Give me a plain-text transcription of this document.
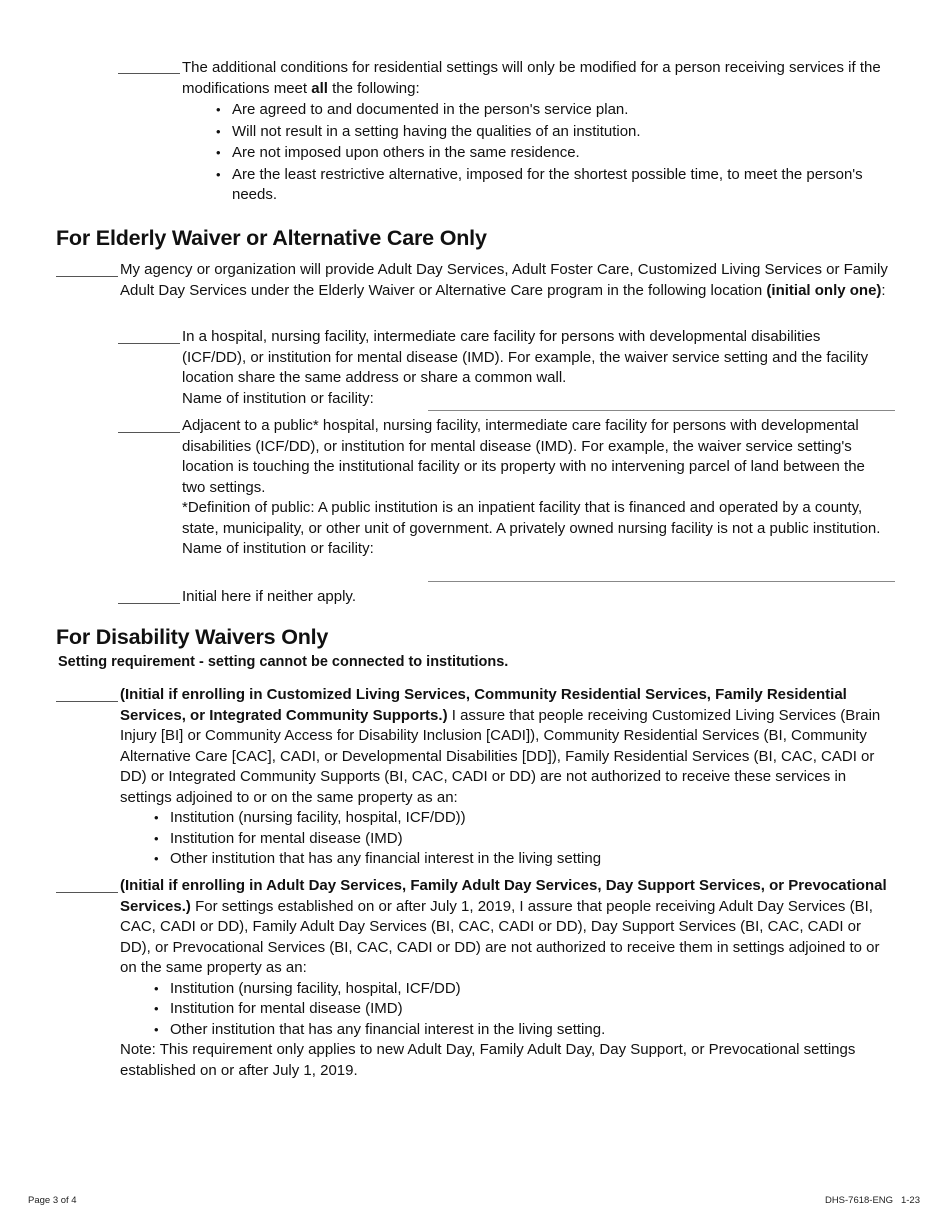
The additional conditions for residential settings will only be modified for a person receiving services if the modifications meet all the following:
• Are agreed to and documented in the person's service plan.
• Will not result in a setting having the qualities of an institution.
• Are not imposed upon others in the same residence.
• Are the least restrictive alternative, imposed for the shortest possible time, to meet the person's needs.
For Elderly Waiver or Alternative Care Only
My agency or organization will provide Adult Day Services, Adult Foster Care, Customized Living Services or Family Adult Day Services under the Elderly Waiver or Alternative Care program in the following location (initial only one):
In a hospital, nursing facility, intermediate care facility for persons with developmental disabilities (ICF/DD), or institution for mental disease (IMD). For example, the waiver service setting and the facility location share the same address or share a common wall.
Name of institution or facility:
Adjacent to a public* hospital, nursing facility, intermediate care facility for persons with developmental disabilities (ICF/DD), or institution for mental disease (IMD). For example, the waiver service setting's location is touching the institutional facility or its property with no intervening parcel of land between the two settings.
*Definition of public: A public institution is an inpatient facility that is financed and operated by a county, state, municipality, or other unit of government. A privately owned nursing facility is not a public institution.
Name of institution or facility:
Initial here if neither apply.
For Disability Waivers Only
Setting requirement - setting cannot be connected to institutions.
(Initial if enrolling in Customized Living Services, Community Residential Services, Family Residential Services, or Integrated Community Supports.) I assure that people receiving Customized Living Services (Brain Injury [BI] or Community Access for Disability Inclusion [CADI]), Community Residential Services (BI, Community Alternative Care [CAC], CADI, or Developmental Disabilities [DD]), Family Residential Services (BI, CAC, CADI or DD) or Integrated Community Supports (BI, CAC, CADI or DD) are not authorized to receive these services in settings adjoined to or on the same property as an:
• Institution (nursing facility, hospital, ICF/DD))
• Institution for mental disease (IMD)
• Other institution that has any financial interest in the living setting
(Initial if enrolling in Adult Day Services, Family Adult Day Services, Day Support Services, or Prevocational Services.) For settings established on or after July 1, 2019, I assure that people receiving Adult Day Services (BI, CAC, CADI or DD), Family Adult Day Services (BI, CAC, CADI or DD), Day Support Services (BI, CAC, CADI or DD), or Prevocational Services (BI, CAC, CADI or DD) are not authorized to receive them in settings adjoined to or on the same property as an:
• Institution (nursing facility, hospital, ICF/DD)
• Institution for mental disease (IMD)
• Other institution that has any financial interest in the living setting.
Note: This requirement only applies to new Adult Day, Family Adult Day, Day Support, or Prevocational settings established on or after July 1, 2019.
Page 3 of 4	DHS-7618-ENG   1-23
